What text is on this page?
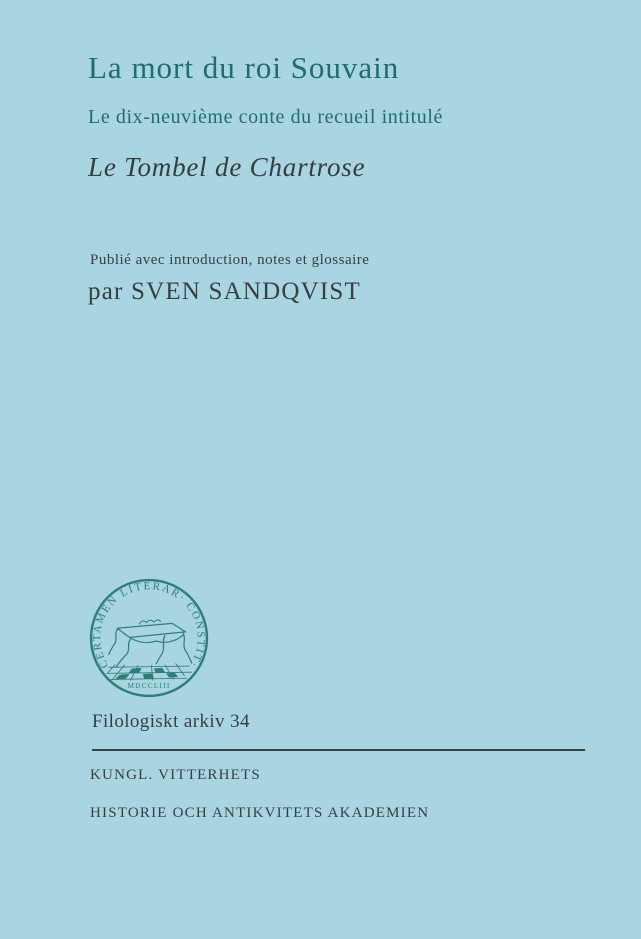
La mort du roi Souvain
Le dix-neuvième conte du recueil intitulé
Le Tombel de Chartrose
Publié avec introduction, notes et glossaire
par SVEN SANDQVIST
CERTAMEN LITERAR· CONSTIT·
MDCCLIII
Filologiskt arkiv 34
KUNGL. VITTERHETS
HISTORIE OCH ANTIKVITETS AKADEMIEN
